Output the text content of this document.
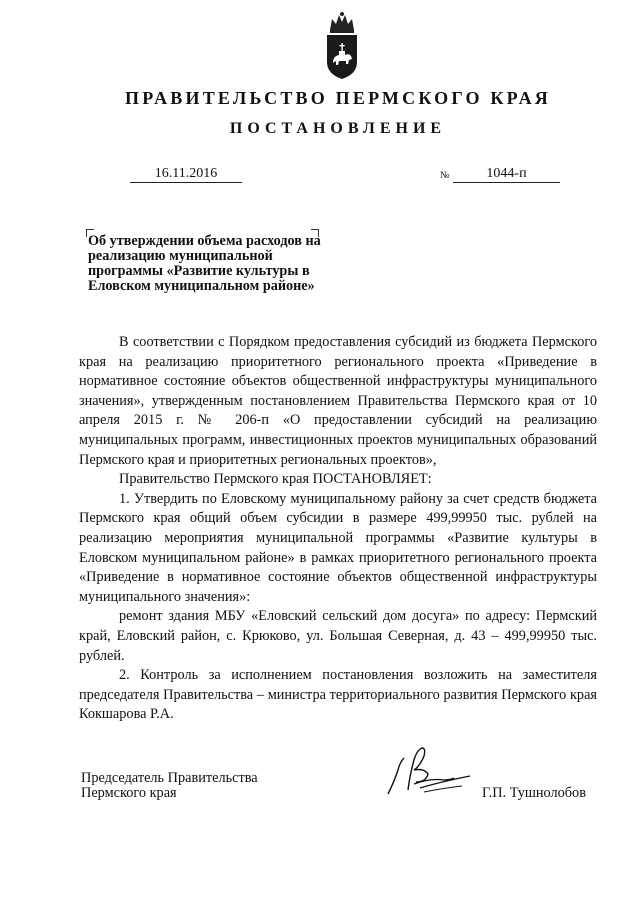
ПРАВИТЕЛЬСТВО ПЕРМСКОГО КРАЯ
ПОСТАНОВЛЕНИЕ
16.11.2016	№	1044-п
Об утверждении объема расходов на реализацию муниципальной программы «Развитие культуры в Еловском муниципальном районе»

В соответствии с Порядком предоставления субсидий из бюджета Пермского края на реализацию приоритетного регионального проекта «Приведение в нормативное состояние объектов общественной инфраструктуры муниципального значения», утвержденным постановлением Правительства Пермского края от 10 апреля 2015 г. № 206-п «О предоставлении субсидий на реализацию муниципальных программ, инвестиционных проектов муниципальных образований Пермского края и приоритетных региональных проектов»,

Правительство Пермского края ПОСТАНОВЛЯЕТ:

1. Утвердить по Еловскому муниципальному району за счет средств бюджета Пермского края общий объем субсидии в размере 499,99950 тыс. рублей на реализацию мероприятия муниципальной программы «Развитие культуры в Еловском муниципальном районе» в рамках приоритетного регионального проекта «Приведение в нормативное состояние объектов общественной инфраструктуры муниципального значения»:

ремонт здания МБУ «Еловский сельский дом досуга» по адресу: Пермский край, Еловский район, с. Крюково, ул. Большая Северная, д. 43 – 499,99950 тыс. рублей.

2. Контроль за исполнением постановления возложить на заместителя председателя Правительства – министра территориального развития Пермского края Кокшарова Р.А.

Председатель Правительства
Пермского края	Г.П. Тушнолобов
